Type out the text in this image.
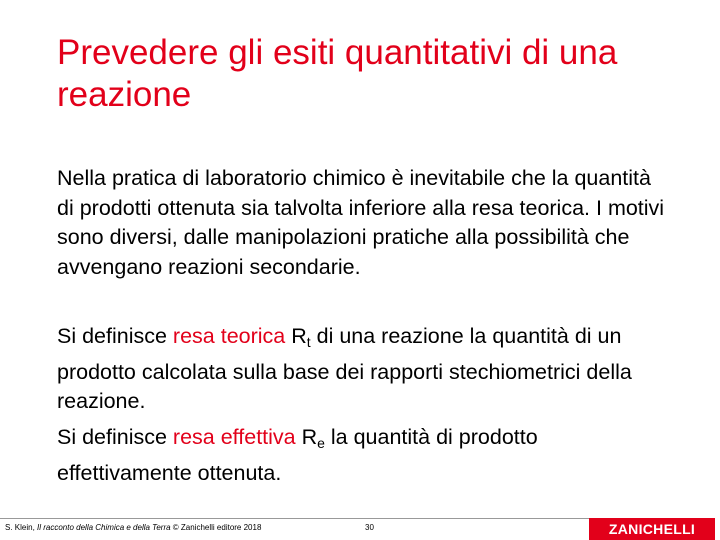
Prevedere gli esiti quantitativi di una reazione

Nella pratica di laboratorio chimico è inevitabile che la quantità di prodotti ottenuta sia talvolta inferiore alla resa teorica. I motivi sono diversi, dalle manipolazioni pratiche alla possibilità che avvengano reazioni secondarie.

Si definisce resa teorica $R_t$ di una reazione la quantità di un prodotto calcolata sulla base dei rapporti stechiometrici della reazione.

Si definisce resa effettiva $R_e$ la quantità di prodotto effettivamente ottenuta.

S. Klein, Il racconto della Chimica e della Terra © Zanichelli editore 2018	30	ZANICHELLI
